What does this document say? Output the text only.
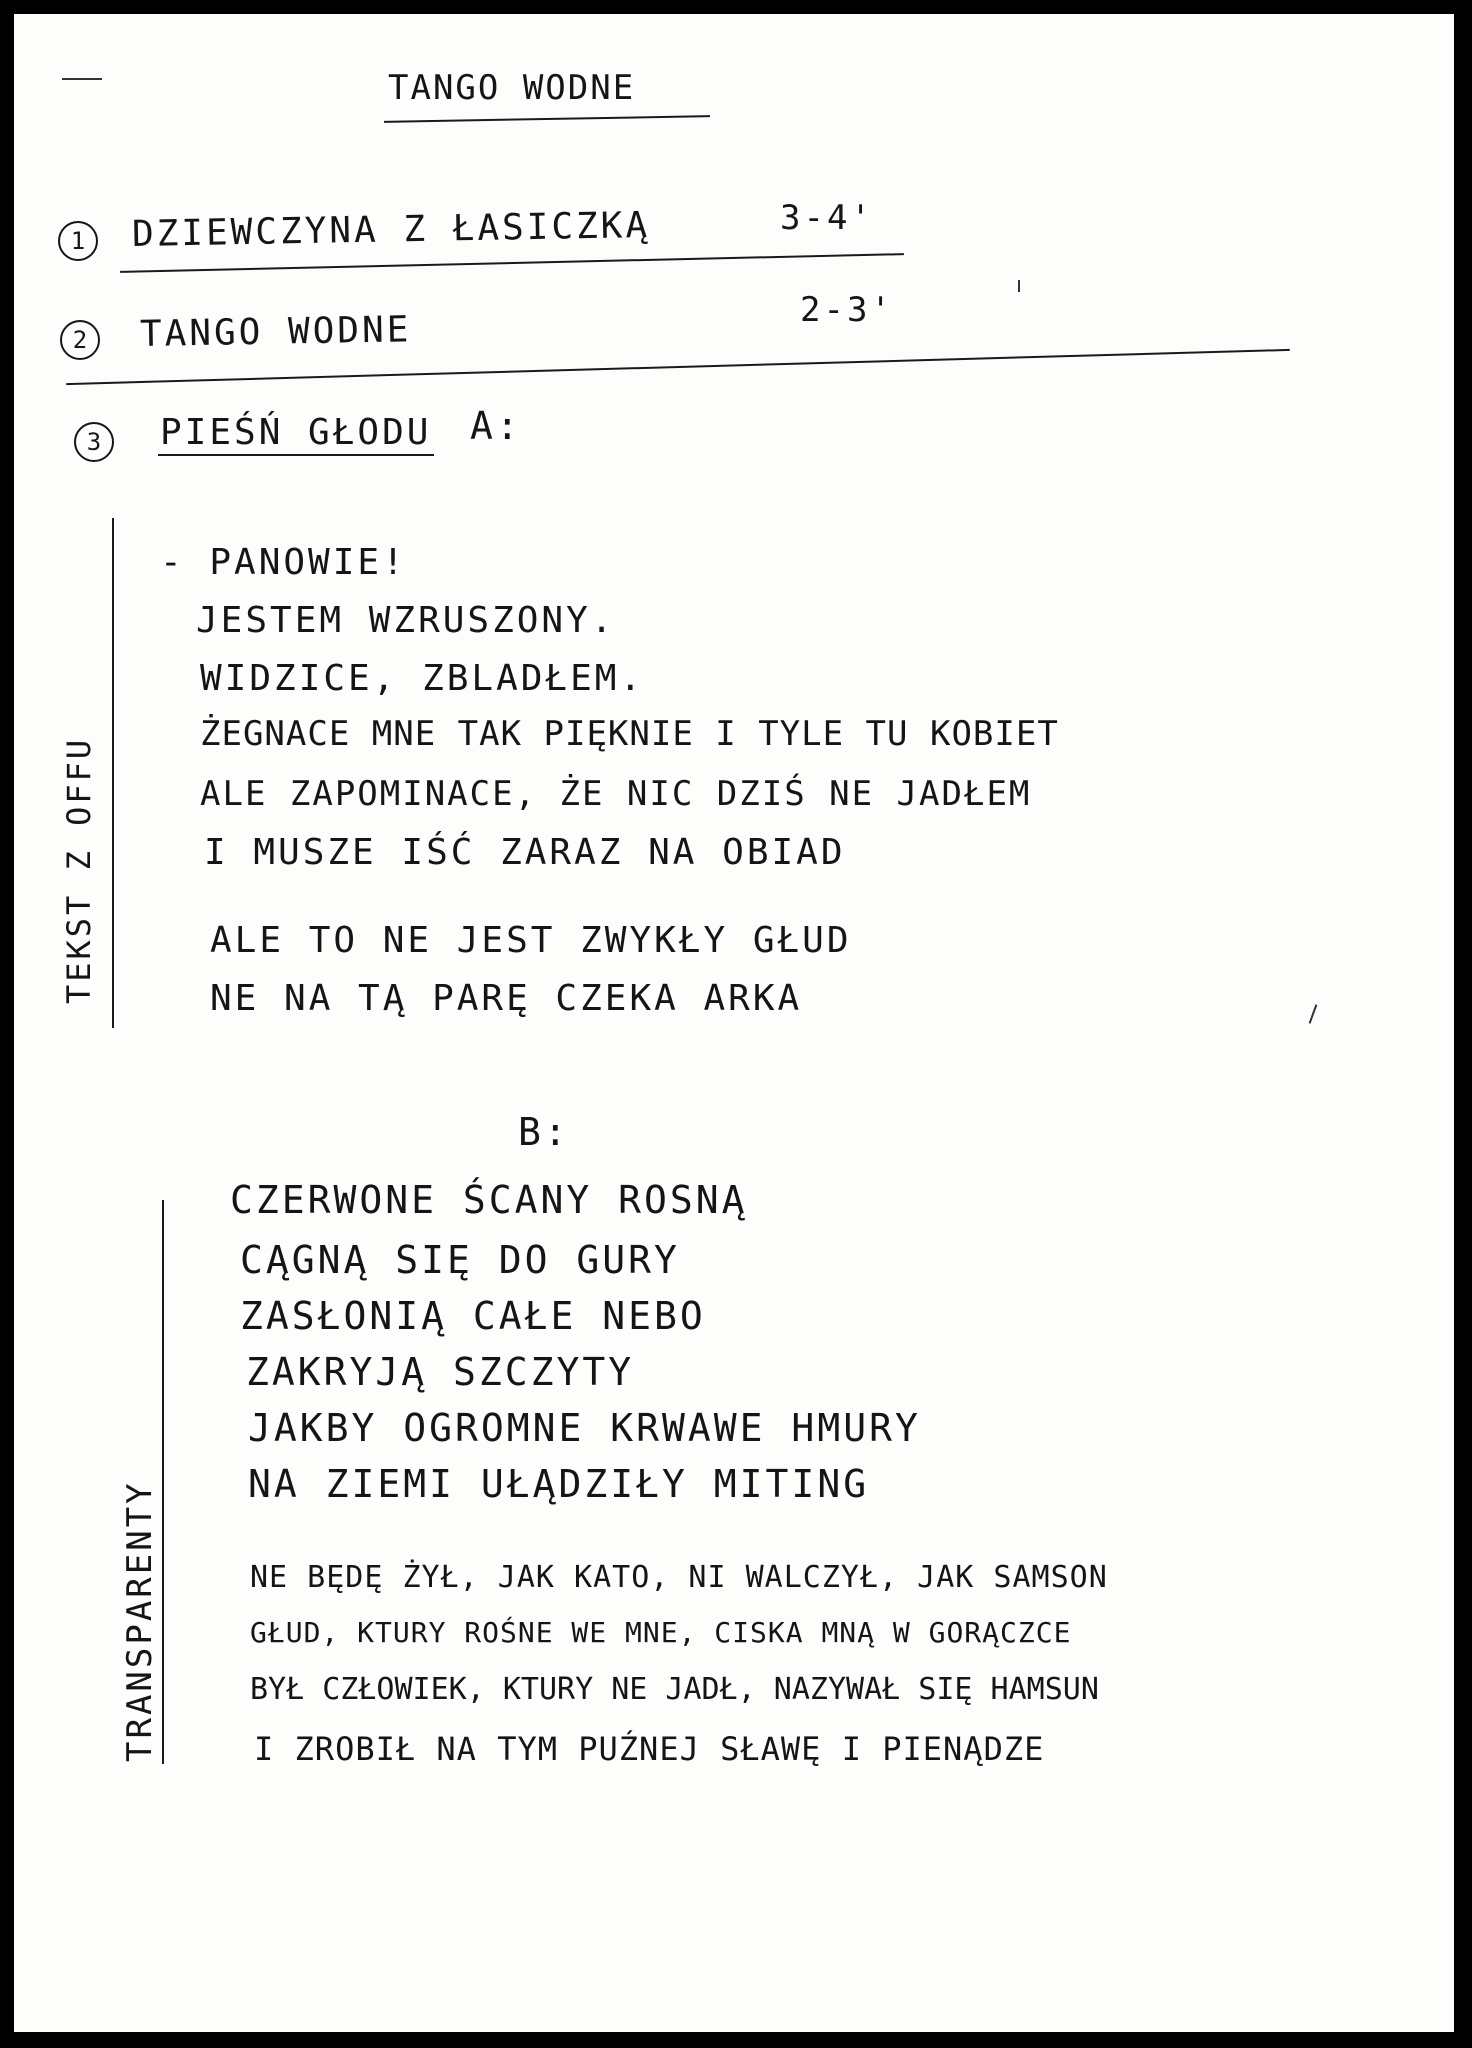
TANGO WODNE
1	DZIEWCZYNA Z ŁASICZKĄ	3-4'
2	TANGO WODNE	2-3'
3	PIEŚŃ GŁODU A:
TEKST Z OFFU
- PANOWIE!
JESTEM WZRUSZONY.
WIDZICE, ZBLADŁEM.
ŻEGNACE MNE TAK PIĘKNIE I TYLE TU KOBIET
ALE ZAPOMINACE, ŻE NIC DZIŚ NE JADŁEM
I MUSZE IŚĆ ZARAZ NA OBIAD
ALE TO NE JEST ZWYKŁY GŁUD
NE NA TĄ PARĘ CZEKA ARKA
B:
TRANSPARENTY
CZERWONE ŚCANY ROSNĄ
CĄGNĄ SIĘ DO GURY
ZASŁONIĄ CAŁE NEBO
ZAKRYJĄ SZCZYTY
JAKBY OGROMNE KRWAWE HMURY
NA ZIEMI UŁĄDZIŁY MITING
NE BĘDĘ ŻYŁ, JAK KATO, NI WALCZYŁ, JAK SAMSON
GŁUD, KTURY ROŚNE WE MNE, CISKA MNĄ W GORĄCZCE
BYŁ CZŁOWIEK, KTURY NE JADŁ, NAZYWAŁ SIĘ HAMSUN
I ZROBIŁ NA TYM PUŹNEJ SŁAWĘ I PIENĄDZE
